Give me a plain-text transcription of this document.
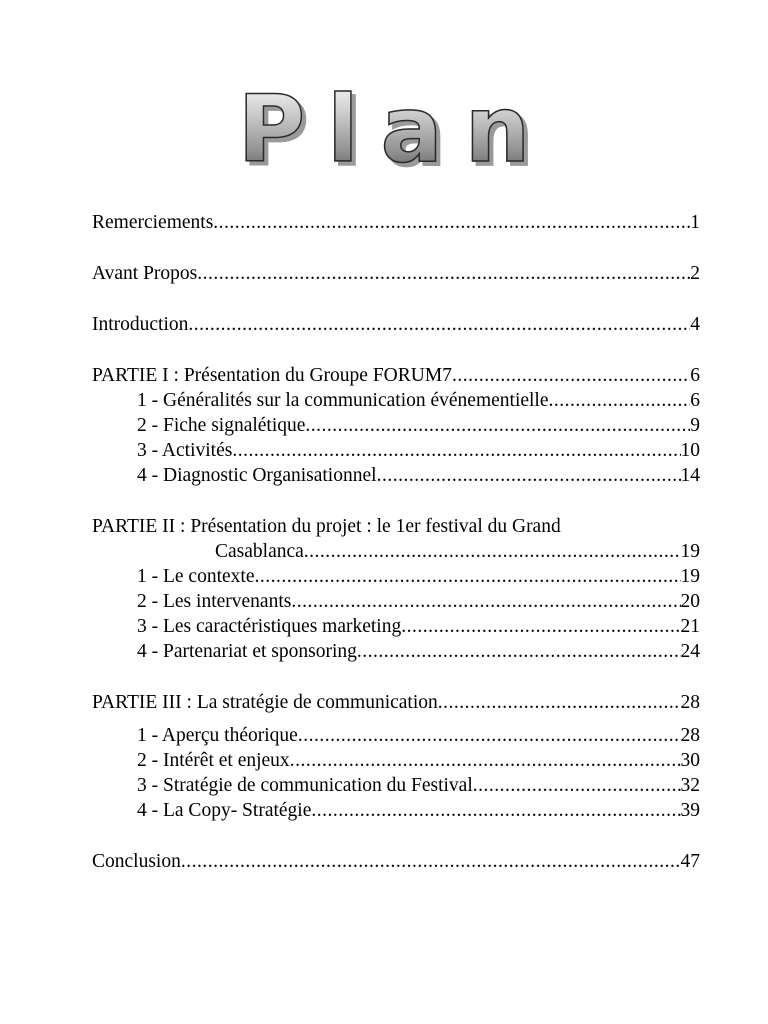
Plan
Remerciements .....	1
Avant Propos .....	2
Introduction .....	4
PARTIE I : Présentation du Groupe FORUM7 .....	6
1 - Généralités sur la communication événementielle .....	6
2 - Fiche signalétique .....	9
3 - Activités .....	10
4 - Diagnostic Organisationnel .....	14
PARTIE II : Présentation du projet : le 1er festival du Grand
Casablanca .....	19
1 - Le contexte .....	19
2 - Les intervenants .....	20
3 - Les caractéristiques marketing .....	21
4 - Partenariat et sponsoring .....	24
PARTIE III : La stratégie de communication .....	28
1 - Aperçu théorique .....	28
2 - Intérêt et enjeux .....	30
3 - Stratégie de communication du Festival .....	32
4 - La Copy- Stratégie .....	39
Conclusion .....	47
